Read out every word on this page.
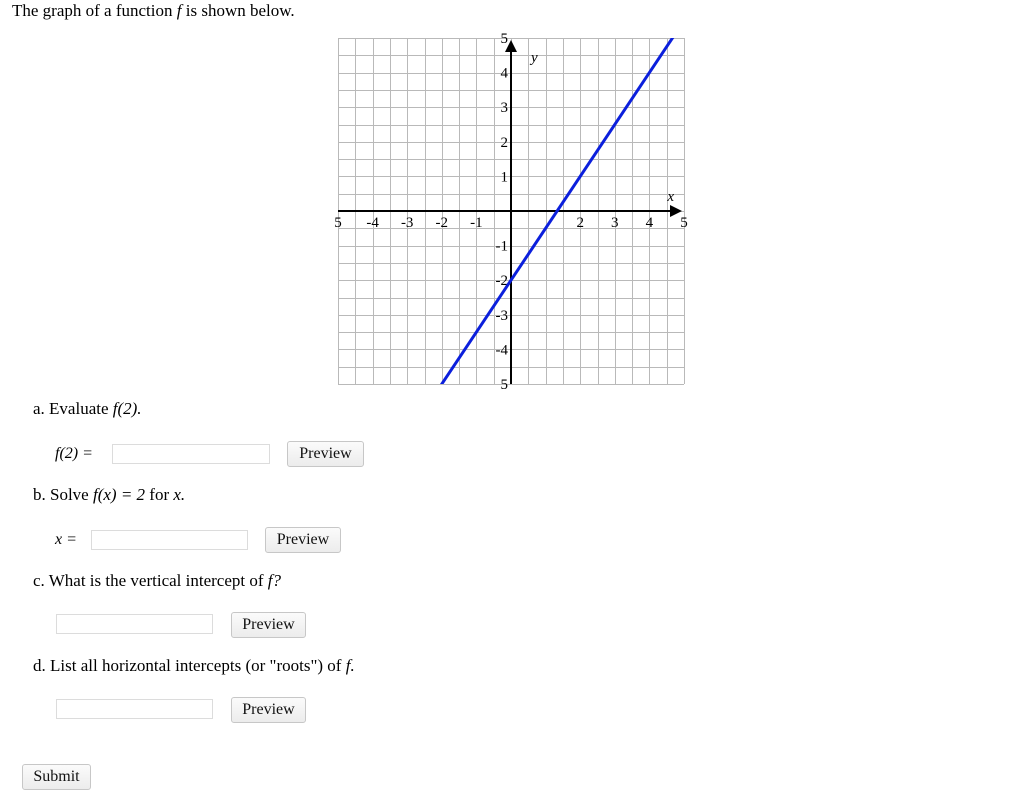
The graph of a function f is shown below.
5 -4 -3 -2 -1	2 3 4 5
5
-4
-3
-2
-1
1
2
3
4
5
x
y
a. Evaluate f(2).
f(2) =	Preview
b. Solve f(x) = 2 for x.
x =	Preview
c. What is the vertical intercept of f?
Preview
d. List all horizontal intercepts (or "roots") of f.
Preview
Submit
